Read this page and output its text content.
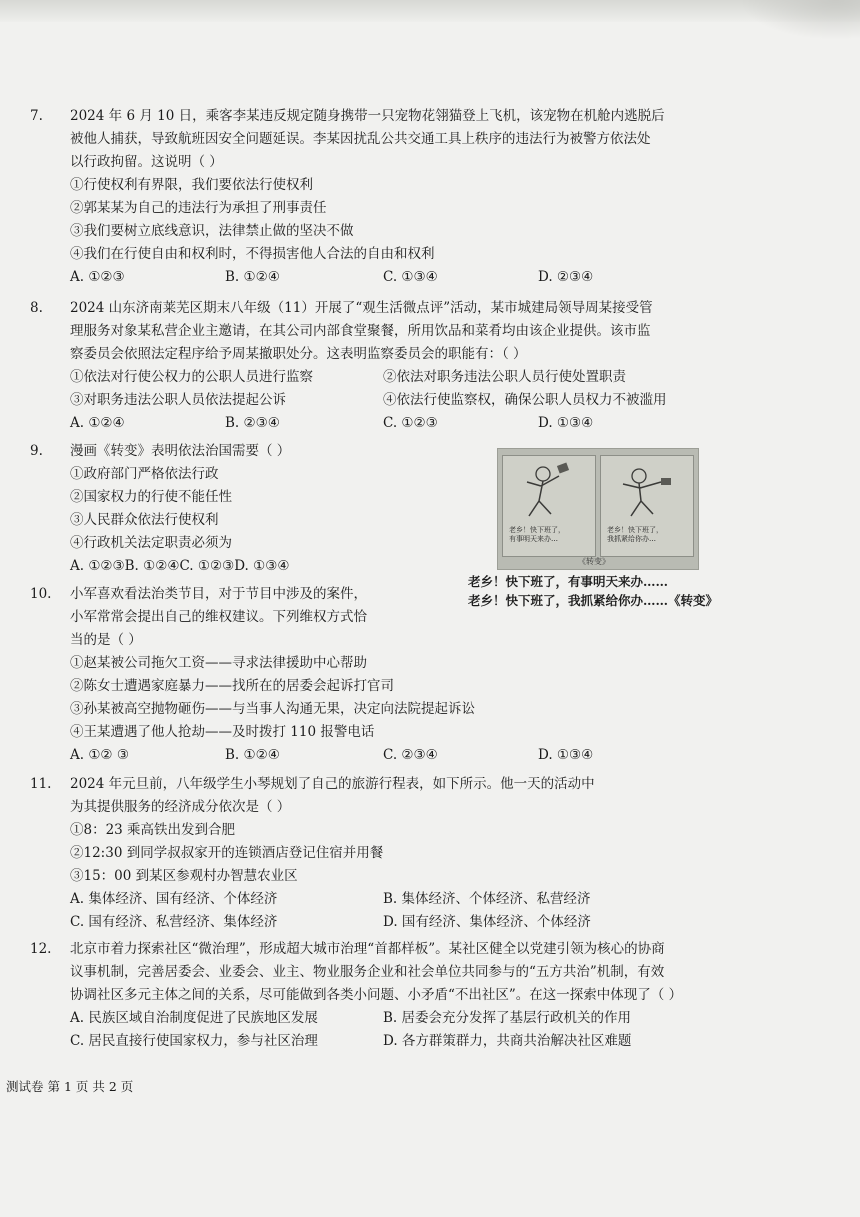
7. 2024 年 6 月 10 日，乘客李某违反规定随身携带一只宠物花翎猫登上飞机，该宠物在机舱内逃脱后
被他人捕获，导致航班因安全问题延误。李某因扰乱公共交通工具上秩序的违法行为被警方依法处
以行政拘留。这说明（ ）
①行使权利有界限，我们要依法行使权利
②郭某某为自己的违法行为承担了刑事责任
③我们要树立底线意识，法律禁止做的坚决不做
④我们在行使自由和权利时，不得损害他人合法的自由和权利
A. ①②③	B. ①②④	C. ①③④	D. ②③④
8. 2024 山东济南莱芜区期末八年级（11）开展了“观生活微点评”活动，某市城建局领导周某接受管
理服务对象某私营企业主邀请，在其公司内部食堂聚餐，所用饮品和菜肴均由该企业提供。该市监
察委员会依照法定程序给予周某撤职处分。这表明监察委员会的职能有：（ ）
①依法对行使公权力的公职人员进行监察	②依法对职务违法公职人员行使处置职责
③对职务违法公职人员依法提起公诉	④依法行使监察权，确保公职人员权力不被滥用
A. ①②④	B. ②③④	C. ①②③	D. ①③④
9. 漫画《转变》表明依法治国需要（ ）
①政府部门严格依法行政
②国家权力的行使不能任性
③人民群众依法行使权利
④行政机关法定职责必须为
A. ①②③B. ①②④C. ①②③D. ①③④
老乡！快下班了，
有事明天来办…
老乡！快下班了，
我抓紧给你办…
《转变》
老乡！快下班了，有事明天来办……
老乡！快下班了，我抓紧给你办……《转变》
10. 小军喜欢看法治类节目，对于节目中涉及的案件，
小军常常会提出自己的维权建议。下列维权方式恰
当的是（ ）
①赵某被公司拖欠工资——寻求法律援助中心帮助
②陈女士遭遇家庭暴力——找所在的居委会起诉打官司
③孙某被高空抛物砸伤——与当事人沟通无果，决定向法院提起诉讼
④王某遭遇了他人抢劫——及时拨打 110 报警电话
A. ①② ③	B. ①②④	C. ②③④	D. ①③④
11. 2024 年元旦前，八年级学生小琴规划了自己的旅游行程表，如下所示。他一天的活动中
为其提供服务的经济成分依次是（ ）
①8：23 乘高铁出发到合肥
②12:30 到同学叔叔家开的连锁酒店登记住宿并用餐
③15：00 到某区参观村办智慧农业区
A. 集体经济、国有经济、个体经济	B. 集体经济、个体经济、私营经济
C. 国有经济、私营经济、集体经济	D. 国有经济、集体经济、个体经济
12. 北京市着力探索社区“微治理”，形成超大城市治理“首都样板”。某社区健全以党建引领为核心的协商
议事机制，完善居委会、业委会、业主、物业服务企业和社会单位共同参与的“五方共治”机制，有效
协调社区多元主体之间的关系，尽可能做到各类小问题、小矛盾“不出社区”。在这一探索中体现了（ ）
A. 民族区域自治制度促进了民族地区发展	B. 居委会充分发挥了基层行政机关的作用
C. 居民直接行使国家权力，参与社区治理	D. 各方群策群力，共商共治解决社区难题
测试卷 第 1 页 共 2 页
